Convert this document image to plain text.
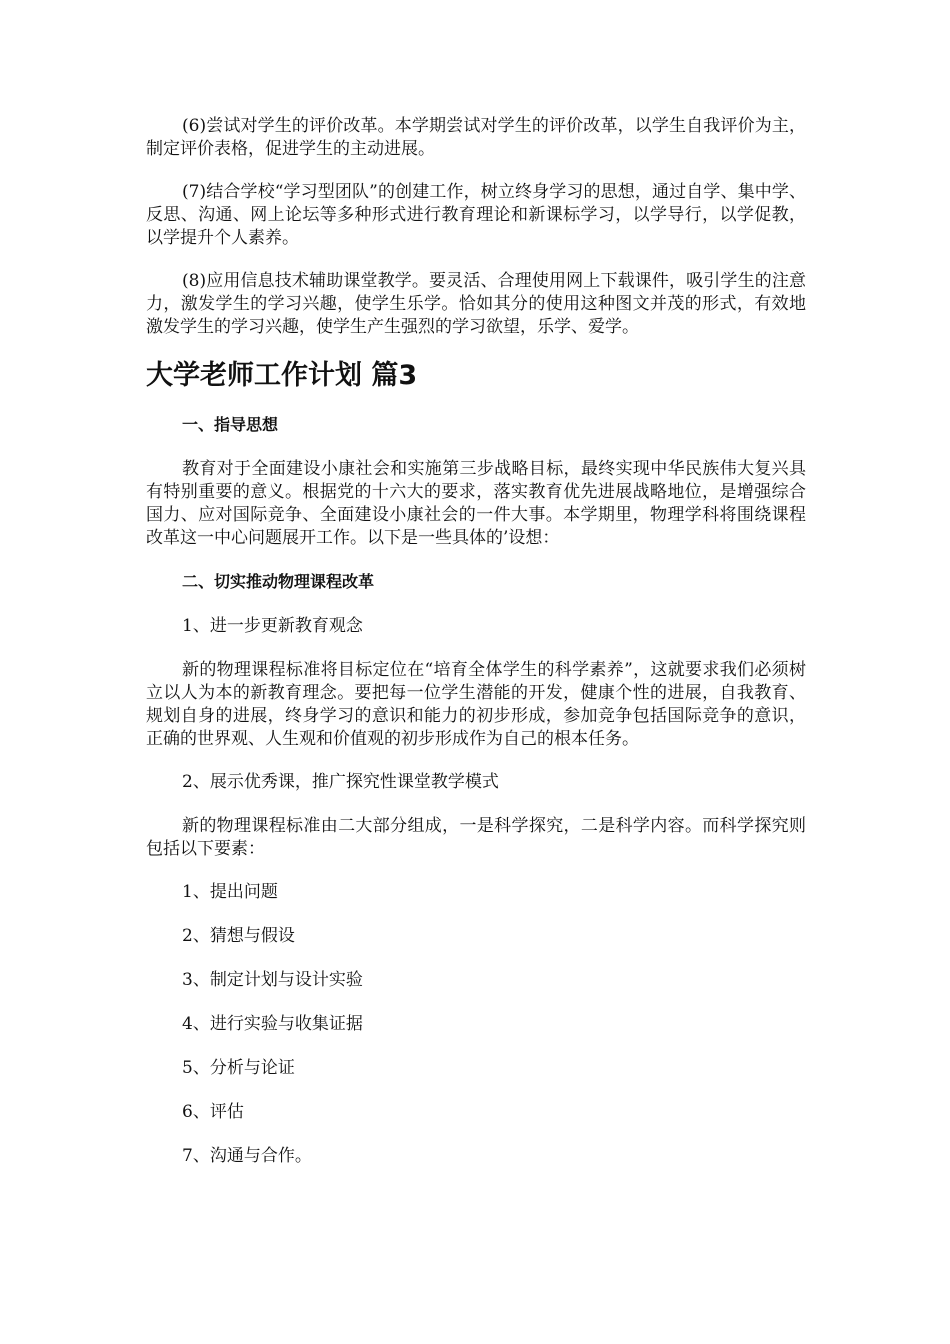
(6)尝试对学生的评价改革。本学期尝试对学生的评价改革，以学生自我评价为主，制定评价表格，促进学生的主动进展。

(7)结合学校“学习型团队”的创建工作，树立终身学习的思想，通过自学、集中学、反思、沟通、网上论坛等多种形式进行教育理论和新课标学习，以学导行，以学促教，以学提升个人素养。

(8)应用信息技术辅助课堂教学。要灵活、合理使用网上下载课件，吸引学生的注意力，激发学生的学习兴趣，使学生乐学。恰如其分的使用这种图文并茂的形式，有效地激发学生的学习兴趣，使学生产生强烈的学习欲望，乐学、爱学。

大学老师工作计划 篇3

一、指导思想

教育对于全面建设小康社会和实施第三步战略目标，最终实现中华民族伟大复兴具有特别重要的意义。根据党的十六大的要求，落实教育优先进展战略地位，是增强综合国力、应对国际竞争、全面建设小康社会的一件大事。本学期里，物理学科将围绕课程改革这一中心问题展开工作。以下是一些具体的’设想：

二、切实推动物理课程改革

1、进一步更新教育观念

新的物理课程标准将目标定位在“培育全体学生的科学素养”，这就要求我们必须树立以人为本的新教育理念。要把每一位学生潜能的开发，健康个性的进展，自我教育、规划自身的进展，终身学习的意识和能力的初步形成，参加竞争包括国际竞争的意识，正确的世界观、人生观和价值观的初步形成作为自己的根本任务。

2、展示优秀课，推广探究性课堂教学模式

新的物理课程标准由二大部分组成，一是科学探究，二是科学内容。而科学探究则包括以下要素：

1、提出问题

2、猜想与假设

3、制定计划与设计实验

4、进行实验与收集证据

5、分析与论证

6、评估

7、沟通与合作。
